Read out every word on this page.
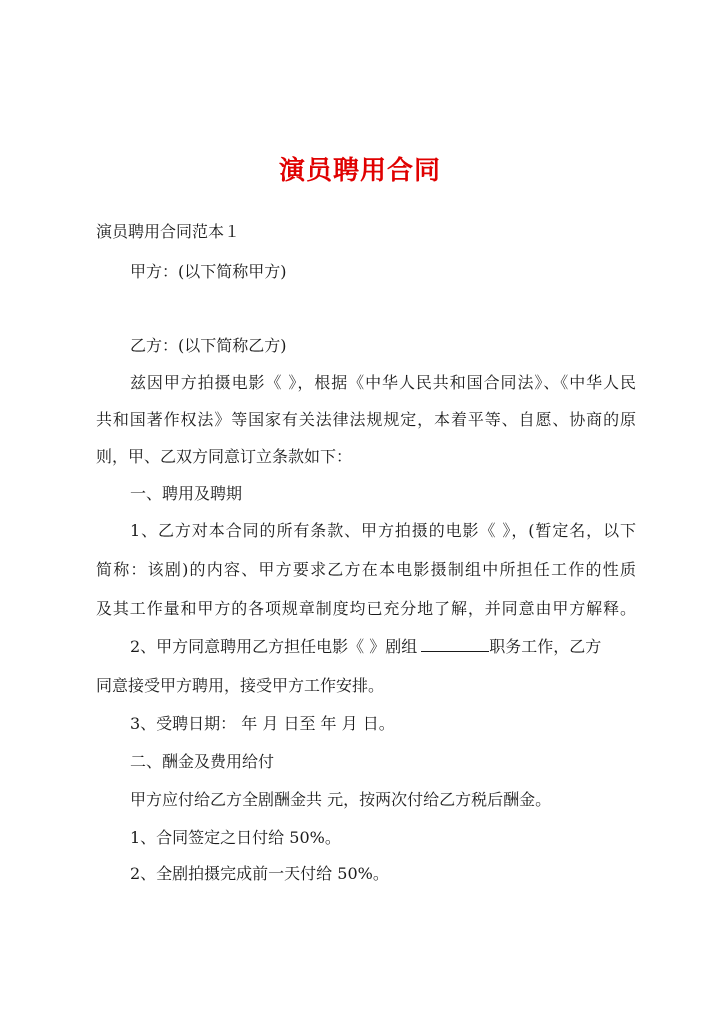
演员聘用合同
演员聘用合同范本１
甲方：(以下简称甲方)
乙方：(以下简称乙方)
兹因甲方拍摄电影《 》，根据《中华人民共和国合同法》、《中华人民
共和国著作权法》等国家有关法律法规规定，本着平等、自愿、协商的原
则，甲、乙双方同意订立条款如下：
一、聘用及聘期
1、乙方对本合同的所有条款、甲方拍摄的电影《 》，(暂定名，以下
简称：该剧)的内容、甲方要求乙方在本电影摄制组中所担任工作的性质
及其工作量和甲方的各项规章制度均已充分地了解，并同意由甲方解释。
2、甲方同意聘用乙方担任电影《 》剧组	职务工作，乙方
同意接受甲方聘用，接受甲方工作安排。
3、受聘日期： 年 月 日至 年 月 日。
二、酬金及费用给付
甲方应付给乙方全剧酬金共 元，按两次付给乙方税后酬金。
1、合同签定之日付给 50%。
2、全剧拍摄完成前一天付给 50%。
